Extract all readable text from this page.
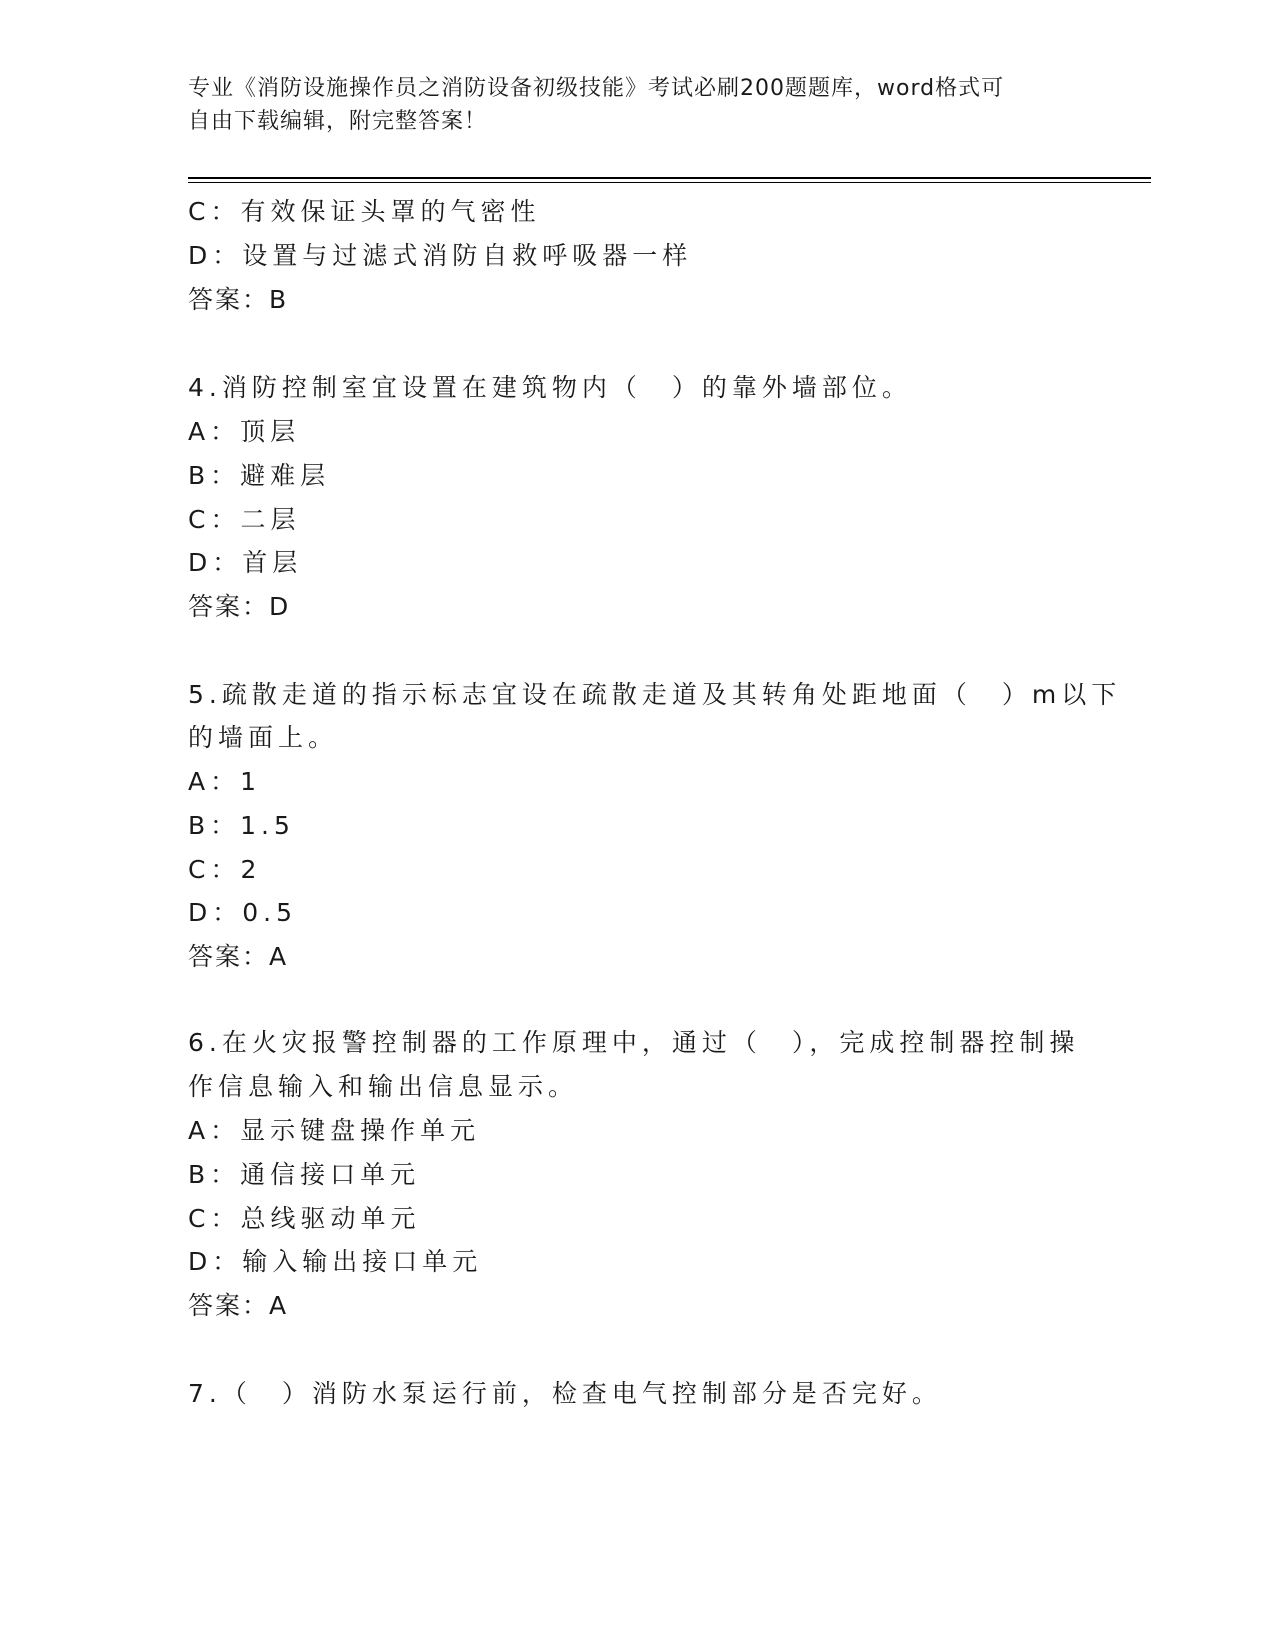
专业《消防设施操作员之消防设备初级技能》考试必刷200题题库，word格式可
自由下载编辑，附完整答案！
C：有效保证头罩的气密性
D：设置与过滤式消防自救呼吸器一样
答案：B
4.消防控制室宜设置在建筑物内（　）的靠外墙部位。
A：顶层
B：避难层
C：二层
D：首层
答案：D
5.疏散走道的指示标志宜设在疏散走道及其转角处距地面（　）m以下
的墙面上。
A：1
B：1.5
C：2
D：0.5
答案：A
6.在火灾报警控制器的工作原理中，通过（　），完成控制器控制操
作信息输入和输出信息显示。
A：显示键盘操作单元
B：通信接口单元
C：总线驱动单元
D：输入输出接口单元
答案：A
7.（　）消防水泵运行前，检查电气控制部分是否完好。
